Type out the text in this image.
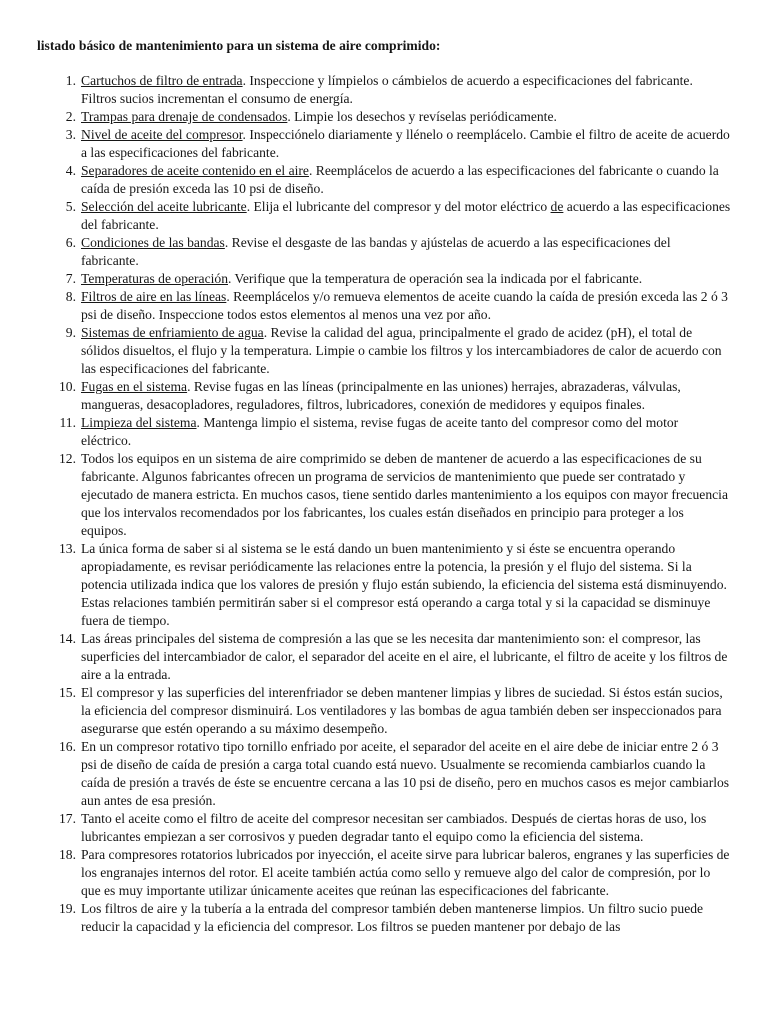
listado básico de mantenimiento para un sistema de aire comprimido:

1. Cartuchos de filtro de entrada. Inspeccione y límpielos o cámbielos de acuerdo a especificaciones del fabricante. Filtros sucios incrementan el consumo de energía.
2. Trampas para drenaje de condensados. Limpie los desechos y revíselas periódicamente.
3. Nivel de aceite del compresor. Inspecciónelo diariamente y llénelo o reemplácelo. Cambie el filtro de aceite de acuerdo a las especificaciones del fabricante.
4. Separadores de aceite contenido en el aire. Reemplácelos de acuerdo a las especificaciones del fabricante o cuando la caída de presión exceda las 10 psi de diseño.
5. Selección del aceite lubricante. Elija el lubricante del compresor y del motor eléctrico de acuerdo a las especificaciones del fabricante.
6. Condiciones de las bandas. Revise el desgaste de las bandas y ajústelas de acuerdo a las especificaciones del fabricante.
7. Temperaturas de operación. Verifique que la temperatura de operación sea la indicada por el fabricante.
8. Filtros de aire en las líneas. Reemplácelos y/o remueva elementos de aceite cuando la caída de presión exceda las 2 ó 3 psi de diseño. Inspeccione todos estos elementos al menos una vez por año.
9. Sistemas de enfriamiento de agua. Revise la calidad del agua, principalmente el grado de acidez (pH), el total de sólidos disueltos, el flujo y la temperatura. Limpie o cambie los filtros y los intercambiadores de calor de acuerdo con las especificaciones del fabricante.
10. Fugas en el sistema. Revise fugas en las líneas (principalmente en las uniones) herrajes, abrazaderas, válvulas, mangueras, desacopladores, reguladores, filtros, lubricadores, conexión de medidores y equipos finales.
11. Limpieza del sistema. Mantenga limpio el sistema, revise fugas de aceite tanto del compresor como del motor eléctrico.
12. Todos los equipos en un sistema de aire comprimido se deben de mantener de acuerdo a las especificaciones de su fabricante. Algunos fabricantes ofrecen un programa de servicios de mantenimiento que puede ser contratado y ejecutado de manera estricta. En muchos casos, tiene sentido darles mantenimiento a los equipos con mayor frecuencia que los intervalos recomendados por los fabricantes, los cuales están diseñados en principio para proteger a los equipos.
13. La única forma de saber si al sistema se le está dando un buen mantenimiento y si éste se encuentra operando apropiadamente, es revisar periódicamente las relaciones entre la potencia, la presión y el flujo del sistema. Si la potencia utilizada indica que los valores de presión y flujo están subiendo, la eficiencia del sistema está disminuyendo. Estas relaciones también permitirán saber si el compresor está operando a carga total y si la capacidad se disminuye fuera de tiempo.
14. Las áreas principales del sistema de compresión a las que se les necesita dar mantenimiento son: el compresor, las superficies del intercambiador de calor, el separador del aceite en el aire, el lubricante, el filtro de aceite y los filtros de aire a la entrada.
15. El compresor y las superficies del interenfriador se deben mantener limpias y libres de suciedad. Si éstos están sucios, la eficiencia del compresor disminuirá. Los ventiladores y las bombas de agua también deben ser inspeccionados para asegurarse que estén operando a su máximo desempeño.
16. En un compresor rotativo tipo tornillo enfriado por aceite, el separador del aceite en el aire debe de iniciar entre 2 ó 3 psi de diseño de caída de presión a carga total cuando está nuevo. Usualmente se recomienda cambiarlos cuando la caída de presión a través de éste se encuentre cercana a las 10 psi de diseño, pero en muchos casos es mejor cambiarlos aun antes de esa presión.
17. Tanto el aceite como el filtro de aceite del compresor necesitan ser cambiados. Después de ciertas horas de uso, los lubricantes empiezan a ser corrosivos y pueden degradar tanto el equipo como la eficiencia del sistema.
18. Para compresores rotatorios lubricados por inyección, el aceite sirve para lubricar baleros, engranes y las superficies de los engranajes internos del rotor. El aceite también actúa como sello y remueve algo del calor de compresión, por lo que es muy importante utilizar únicamente aceites que reúnan las especificaciones del fabricante.
19. Los filtros de aire y la tubería a la entrada del compresor también deben mantenerse limpios. Un filtro sucio puede reducir la capacidad y la eficiencia del compresor. Los filtros se pueden mantener por debajo de las
